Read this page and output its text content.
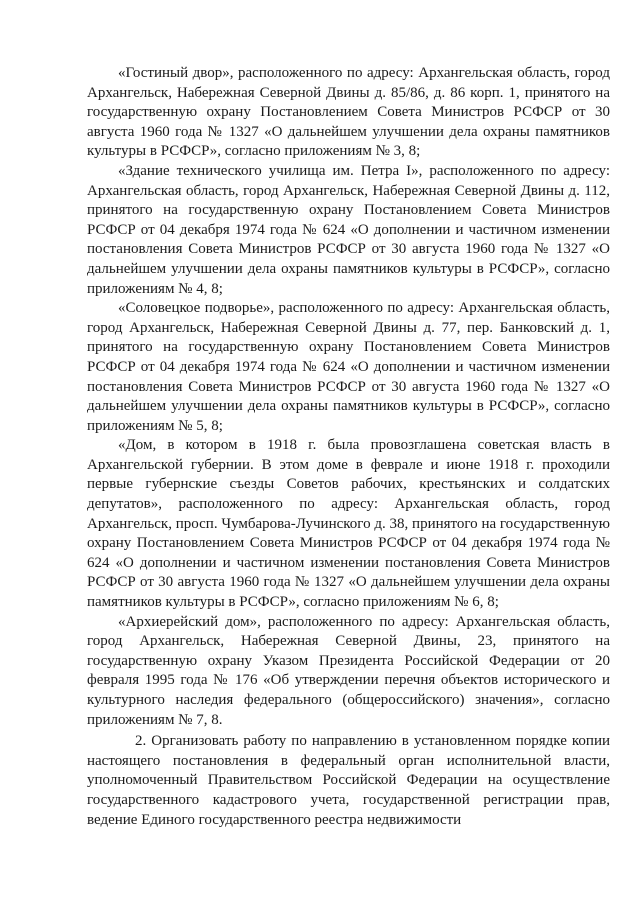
«Гостиный двор», расположенного по адресу: Архангельская область, город Архангельск, Набережная Северной Двины д. 85/86, д. 86 корп. 1, принятого на государственную охрану Постановлением Совета Министров РСФСР от 30 августа 1960 года № 1327 «О дальнейшем улучшении дела охраны памятников культуры в РСФСР», согласно приложениям № 3, 8;

«Здание технического училища им. Петра I», расположенного по адресу: Архангельская область, город Архангельск, Набережная Северной Двины д. 112, принятого на государственную охрану Постановлением Совета Министров РСФСР от 04 декабря 1974 года № 624 «О дополнении и частичном изменении постановления Совета Министров РСФСР от 30 августа 1960 года № 1327 «О дальнейшем улучшении дела охраны памятников культуры в РСФСР», согласно приложениям № 4, 8;

«Соловецкое подворье», расположенного по адресу: Архангельская область, город Архангельск, Набережная Северной Двины д. 77, пер. Банковский д. 1, принятого на государственную охрану Постановлением Совета Министров РСФСР от 04 декабря 1974 года № 624 «О дополнении и частичном изменении постановления Совета Министров РСФСР от 30 августа 1960 года № 1327 «О дальнейшем улучшении дела охраны памятников культуры в РСФСР», согласно приложениям № 5, 8;

«Дом, в котором в 1918 г. была провозглашена советская власть в Архангельской губернии. В этом доме в феврале и июне 1918 г. проходили первые губернские съезды Советов рабочих, крестьянских и солдатских депутатов», расположенного по адресу: Архангельская область, город Архангельск, просп. Чумбарова-Лучинского д. 38, принятого на государственную охрану Постановлением Совета Министров РСФСР от 04 декабря 1974 года № 624 «О дополнении и частичном изменении постановления Совета Министров РСФСР от 30 августа 1960 года № 1327 «О дальнейшем улучшении дела охраны памятников культуры в РСФСР», согласно приложениям № 6, 8;

«Архиерейский дом», расположенного по адресу: Архангельская область, город Архангельск, Набережная Северной Двины, 23, принятого на государственную охрану Указом Президента Российской Федерации от 20 февраля 1995 года № 176 «Об утверждении перечня объектов исторического и культурного наследия федерального (общероссийского) значения», согласно приложениям № 7, 8.

2. Организовать работу по направлению в установленном порядке копии настоящего постановления в федеральный орган исполнительной власти, уполномоченный Правительством Российской Федерации на осуществление государственного кадастрового учета, государственной регистрации прав, ведение Единого государственного реестра недвижимости
